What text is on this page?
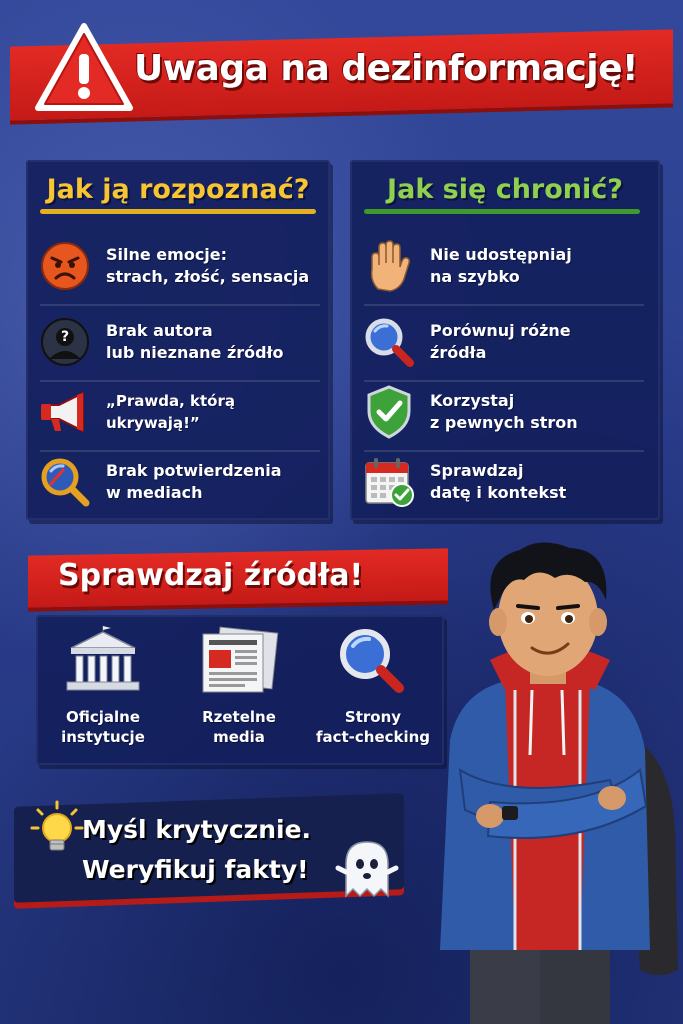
Uwaga na dezinformację!
Jak ją rozpoznać?
Silne emocje:
strach, złość, sensacja
? Brak autora
lub nieznane źródło
„Prawda, którą ukrywają!”
Brak potwierdzenia
w mediach
Jak się chronić?
Nie udostępniaj
na szybko
Porównuj różne
źródła
Korzystaj
z pewnych stron
Sprawdzaj
datę i kontekst
Sprawdzaj źródła!
Oficjalne
instytucje
Rzetelne
media
Strony
fact-checking
Myśl krytycznie.
Weryfikuj fakty!
